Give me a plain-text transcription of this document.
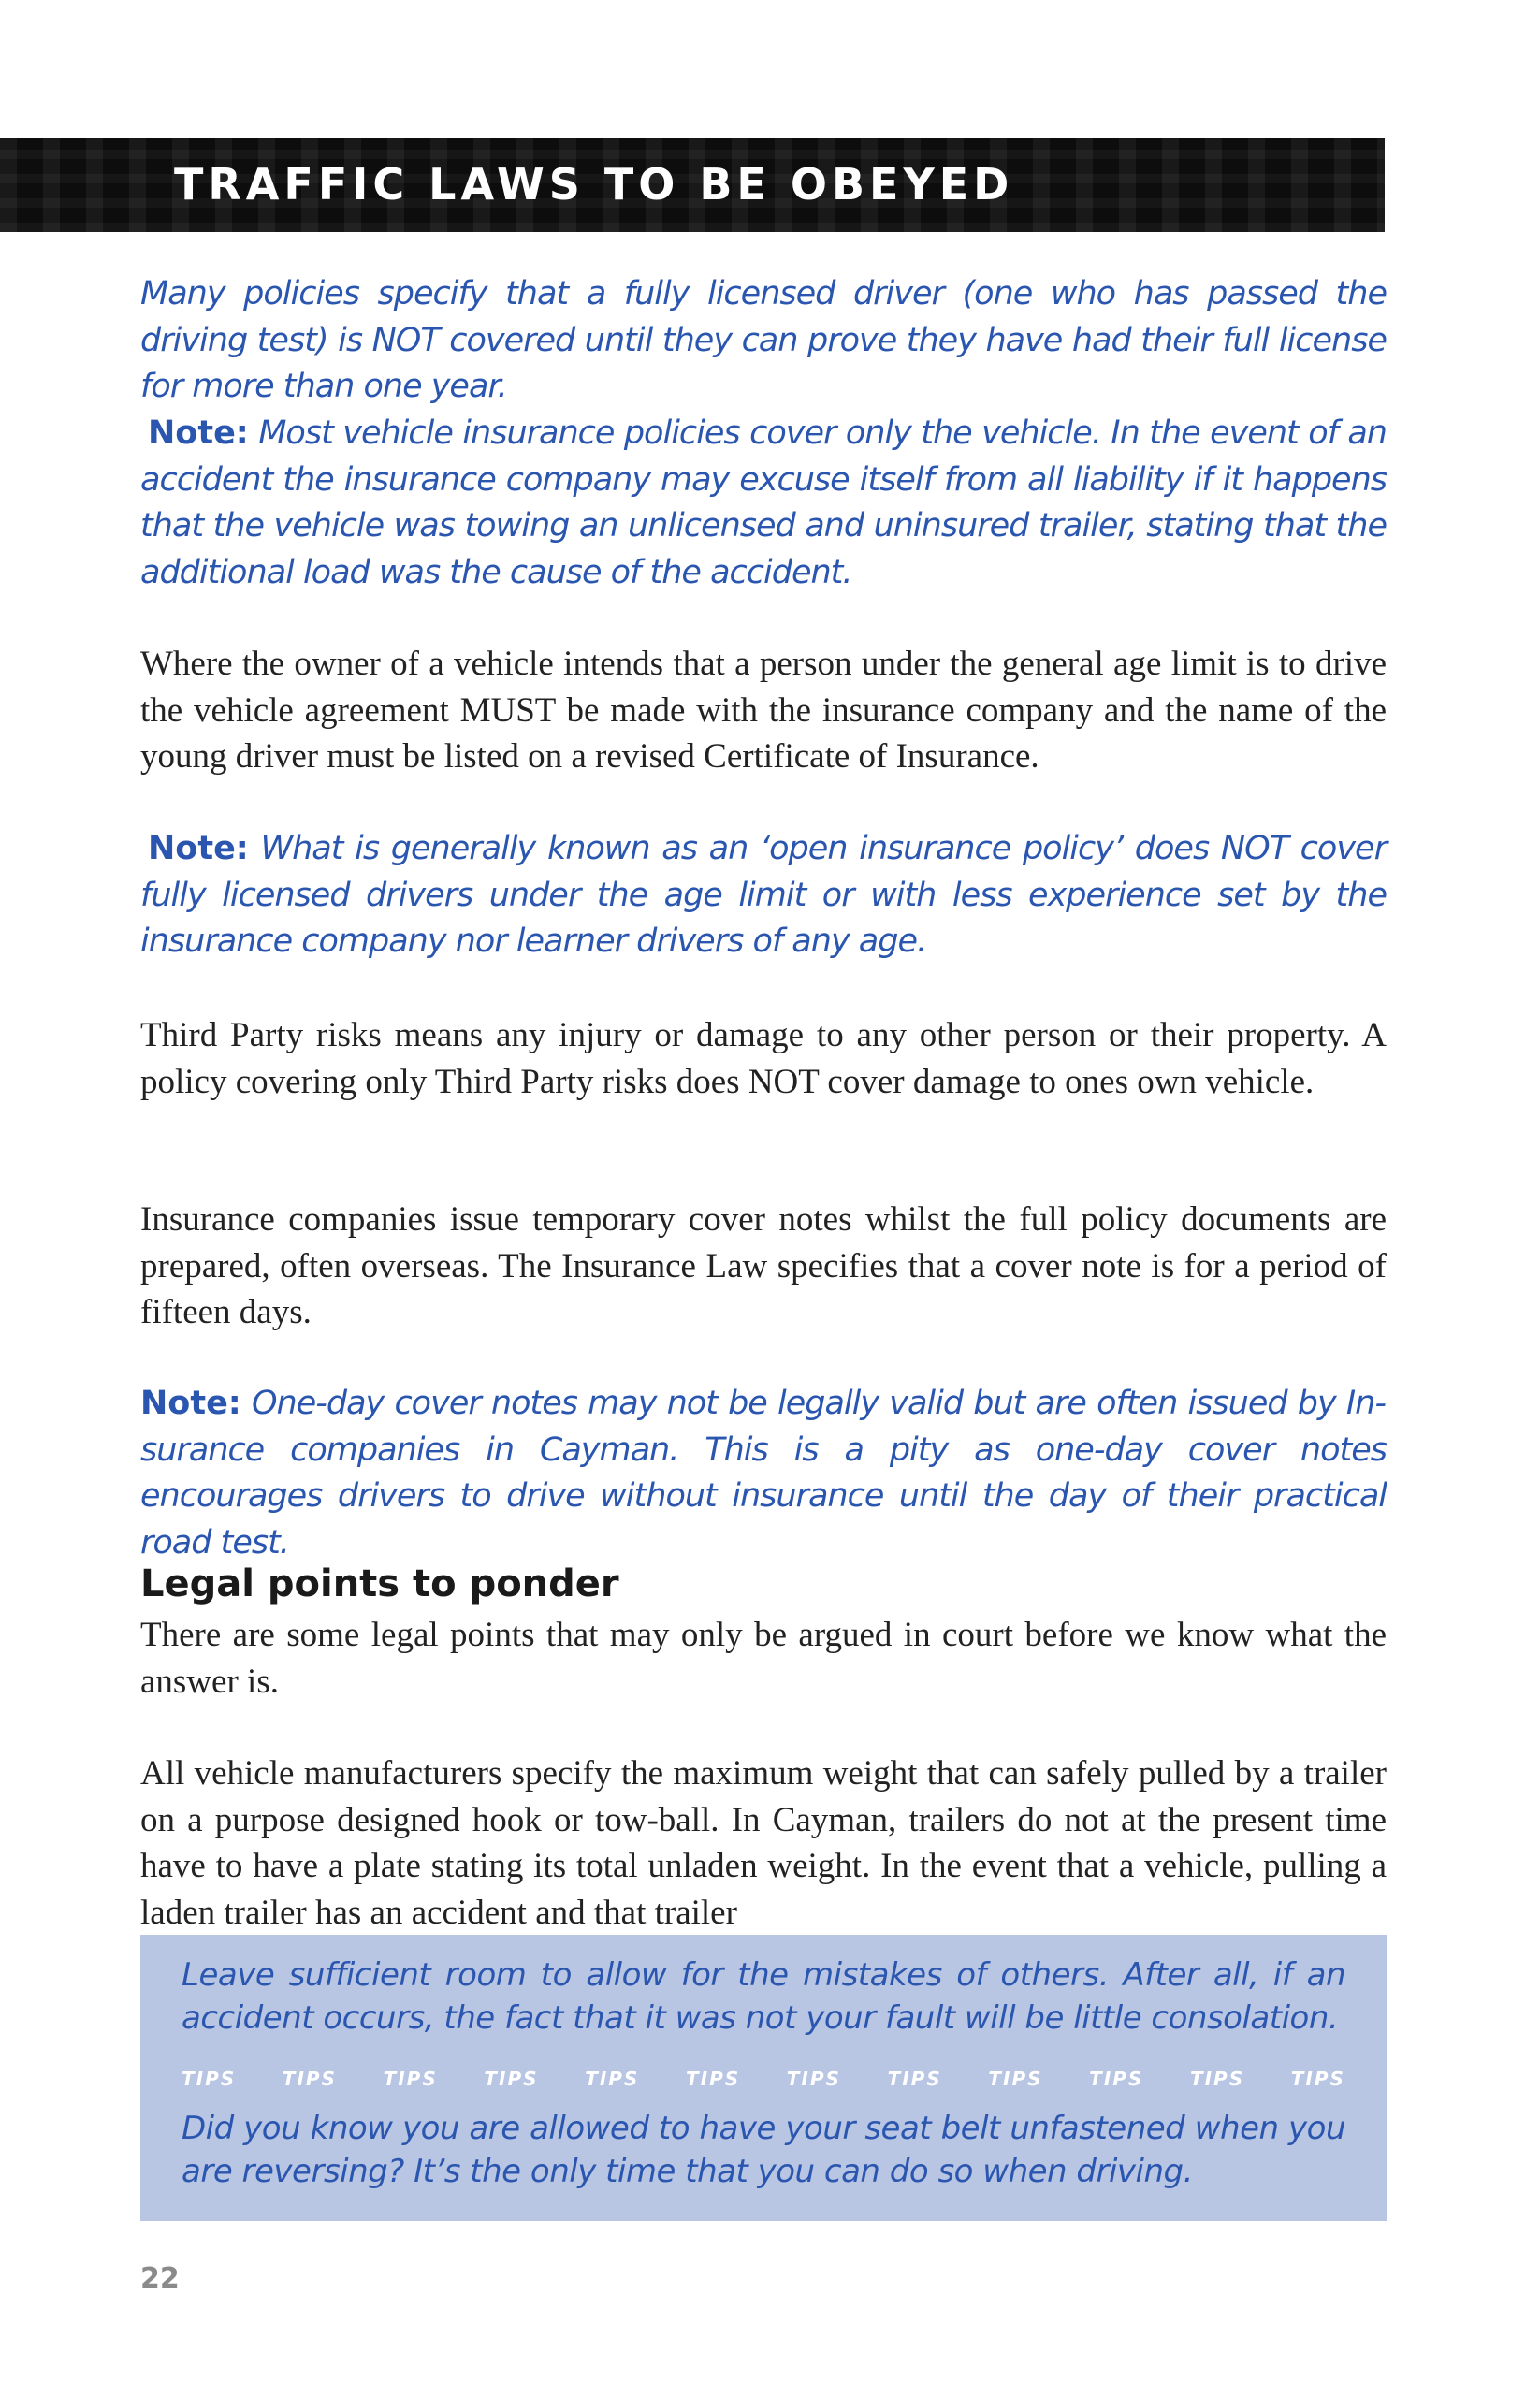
TRAFFIC LAWS TO BE OBEYED

Many policies specify that a fully licensed driver (one who has passed the driving test) is NOT covered until they can prove they have had their full license for more than one year.

Note: Most vehicle insurance policies cover only the vehicle. In the event of an accident the insurance company may excuse itself from all liability if it happens that the vehicle was towing an unlicensed and uninsured trailer, stating that the additional load was the cause of the accident.

Where the owner of a vehicle intends that a person under the general age limit is to drive the vehicle agreement MUST be made with the insurance company and the name of the young driver must be listed on a revised Certificate of Insurance.

Note: What is generally known as an ‘open insurance policy’ does NOT cover fully licensed drivers under the age limit or with less experience set by the insurance company nor learner drivers of any age.

Third Party risks means any injury or damage to any other person or their property. A policy covering only Third Party risks does NOT cover damage to ones own vehicle.

Insurance companies issue temporary cover notes whilst the full policy documents are prepared, often overseas. The Insurance Law specifies that a cover note is for a period of fifteen days.

Note: One-day cover notes may not be legally valid but are often issued by Insurance companies in Cayman. This is a pity as one-day cover notes encourages drivers to drive without insurance until the day of their practical road test.

Legal points to ponder

There are some legal points that may only be argued in court before we know what the answer is.

All vehicle manufacturers specify the maximum weight that can safely pulled by a trailer on a purpose designed hook or tow-ball. In Cayman, trailers do not at the present time have to have a plate stating its total unladen weight. In the event that a vehicle, pulling a laden trailer has an accident and that trailer

Leave sufficient room to allow for the mistakes of others. After all, if an accident occurs, the fact that it was not your fault will be little consolation.

TIPS TIPS TIPS TIPS TIPS TIPS TIPS TIPS TIPS TIPS TIPS TIPS

Did you know you are allowed to have your seat belt unfastened when you are reversing? It’s the only time that you can do so when driving.

22
